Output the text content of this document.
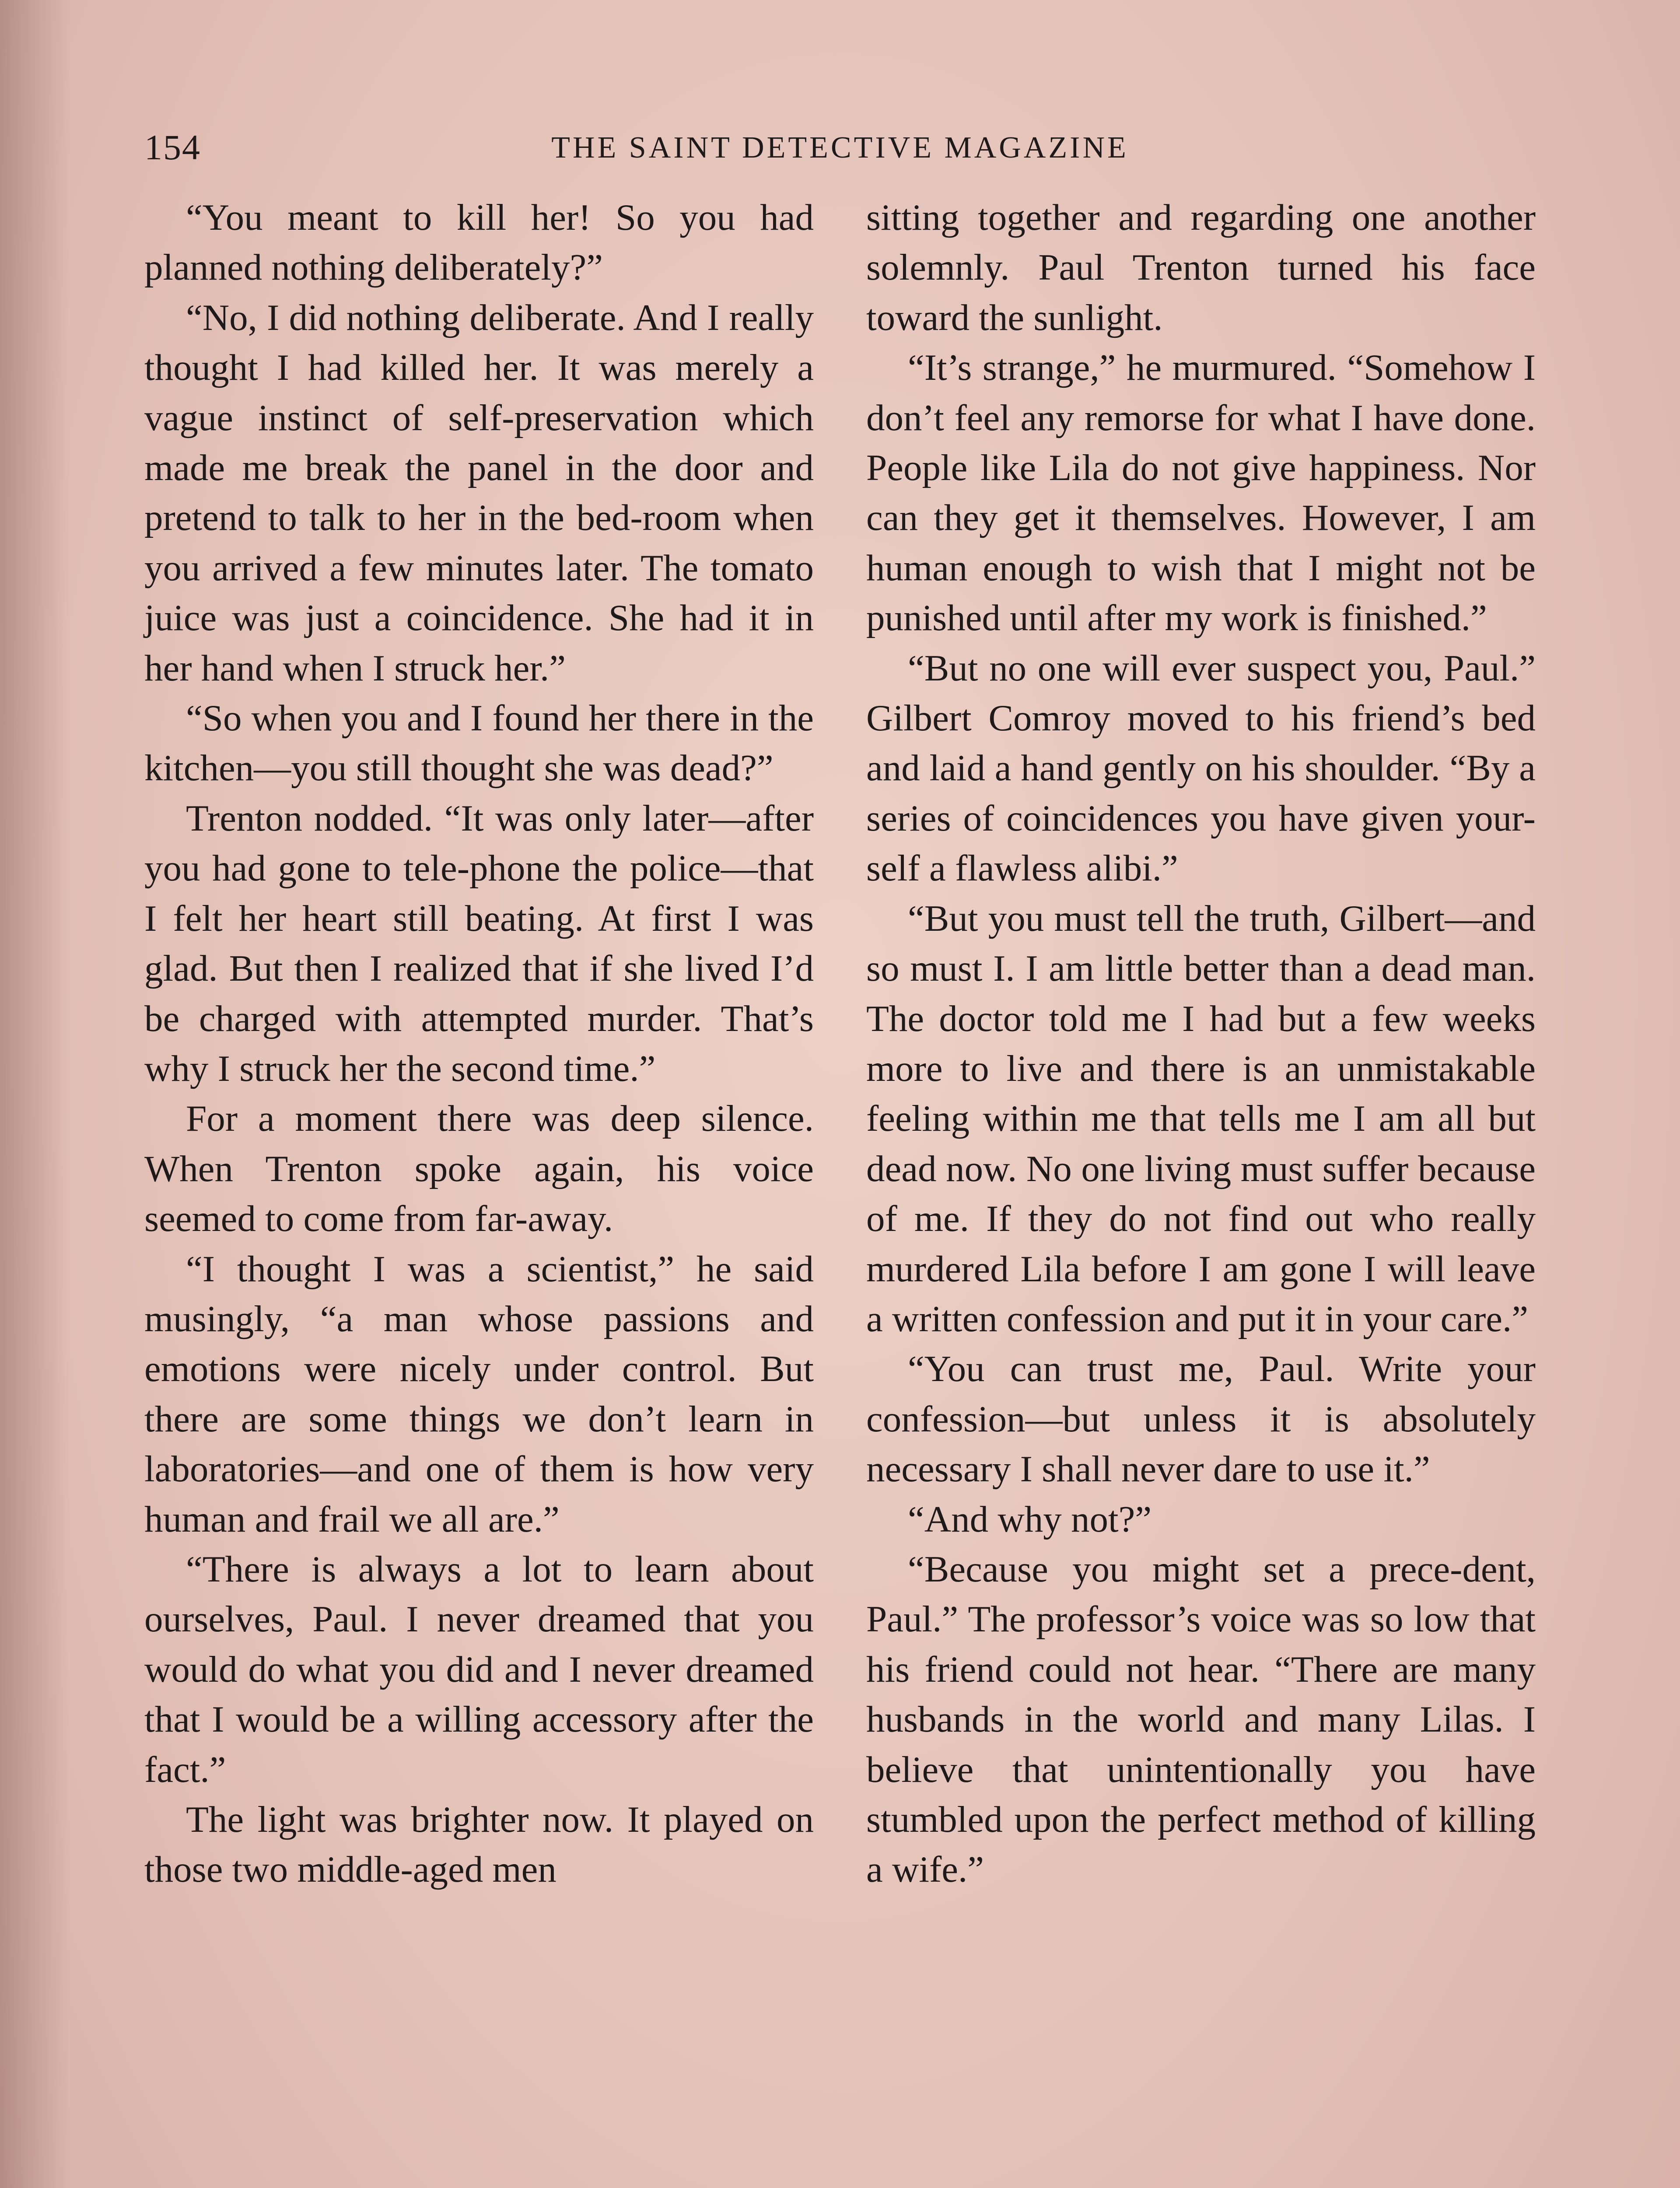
154	THE SAINT DETECTIVE MAGAZINE

“You meant to kill her! So you had planned nothing deliberately?”

“No, I did nothing deliberate. And I really thought I had killed her. It was merely a vague instinct of self-preservation which made me break the panel in the door and pretend to talk to her in the bed-room when you arrived a few minutes later. The tomato juice was just a coincidence. She had it in her hand when I struck her.”

“So when you and I found her there in the kitchen—you still thought she was dead?”

Trenton nodded. “It was only later—after you had gone to tele-phone the police—that I felt her heart still beating. At first I was glad. But then I realized that if she lived I’d be charged with attempted murder. That’s why I struck her the second time.”

For a moment there was deep silence. When Trenton spoke again, his voice seemed to come from far-away.

“I thought I was a scientist,” he said musingly, “a man whose passions and emotions were nicely under control. But there are some things we don’t learn in laboratories—and one of them is how very human and frail we all are.”

“There is always a lot to learn about ourselves, Paul. I never dreamed that you would do what you did and I never dreamed that I would be a willing accessory after the fact.”

The light was brighter now. It played on those two middle-aged men

sitting together and regarding one another solemnly. Paul Trenton turned his face toward the sunlight.

“It’s strange,” he murmured. “Somehow I don’t feel any remorse for what I have done. People like Lila do not give happiness. Nor can they get it themselves. However, I am human enough to wish that I might not be punished until after my work is finished.”

“But no one will ever suspect you, Paul.” Gilbert Comroy moved to his friend’s bed and laid a hand gently on his shoulder. “By a series of coincidences you have given your-self a flawless alibi.”

“But you must tell the truth, Gilbert—and so must I. I am little better than a dead man. The doctor told me I had but a few weeks more to live and there is an unmistakable feeling within me that tells me I am all but dead now. No one living must suffer because of me. If they do not find out who really murdered Lila before I am gone I will leave a written confession and put it in your care.”

“You can trust me, Paul. Write your confession—but unless it is absolutely necessary I shall never dare to use it.”

“And why not?”

“Because you might set a prece-dent, Paul.” The professor’s voice was so low that his friend could not hear. “There are many husbands in the world and many Lilas. I believe that unintentionally you have stumbled upon the perfect method of killing a wife.”
